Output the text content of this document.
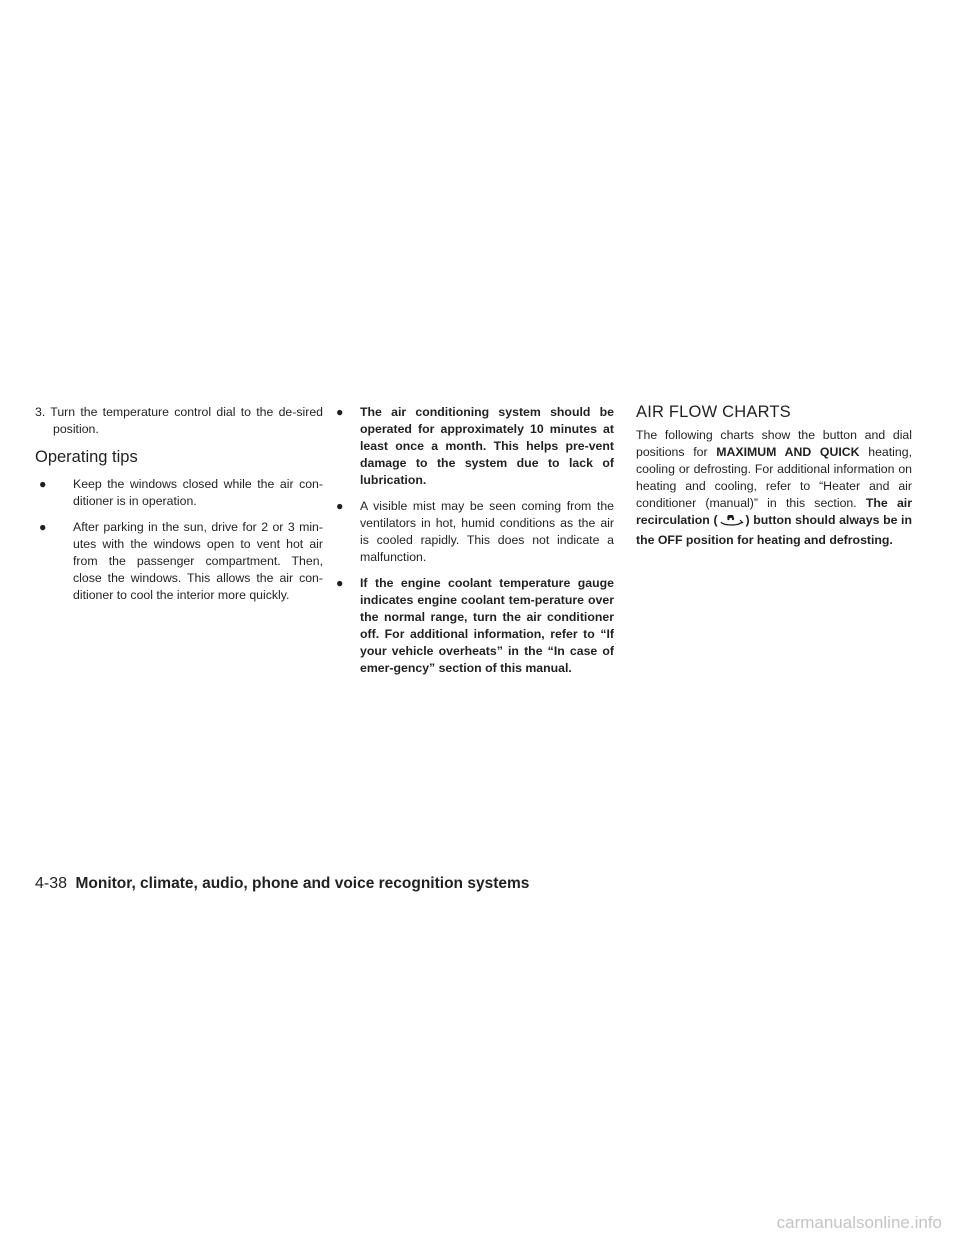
3. Turn the temperature control dial to the de-sired position.

Operating tips
●	Keep the windows closed while the air con-ditioner is in operation.
●	After parking in the sun, drive for 2 or 3 min-utes with the windows open to vent hot air from the passenger compartment. Then, close the windows. This allows the air con-ditioner to cool the interior more quickly.
●	The air conditioning system should be operated for approximately 10 minutes at least once a month. This helps pre-vent damage to the system due to lack of lubrication.
●	A visible mist may be seen coming from the ventilators in hot, humid conditions as the air is cooled rapidly. This does not indicate a malfunction.
●	If the engine coolant temperature gauge indicates engine coolant tem-perature over the normal range, turn the air conditioner off. For additional information, refer to “If your vehicle overheats” in the “In case of emer-gency” section of this manual.
AIR FLOW CHARTS

The following charts show the button and dial positions for MAXIMUM AND QUICK heating, cooling or defrosting. For additional information on heating and cooling, refer to “Heater and air conditioner (manual)” in this section. The air recirculation ( ) button should always be in the OFF position for heating and defrosting.

4-38 Monitor, climate, audio, phone and voice recognition systems
carmanualsonline.info
